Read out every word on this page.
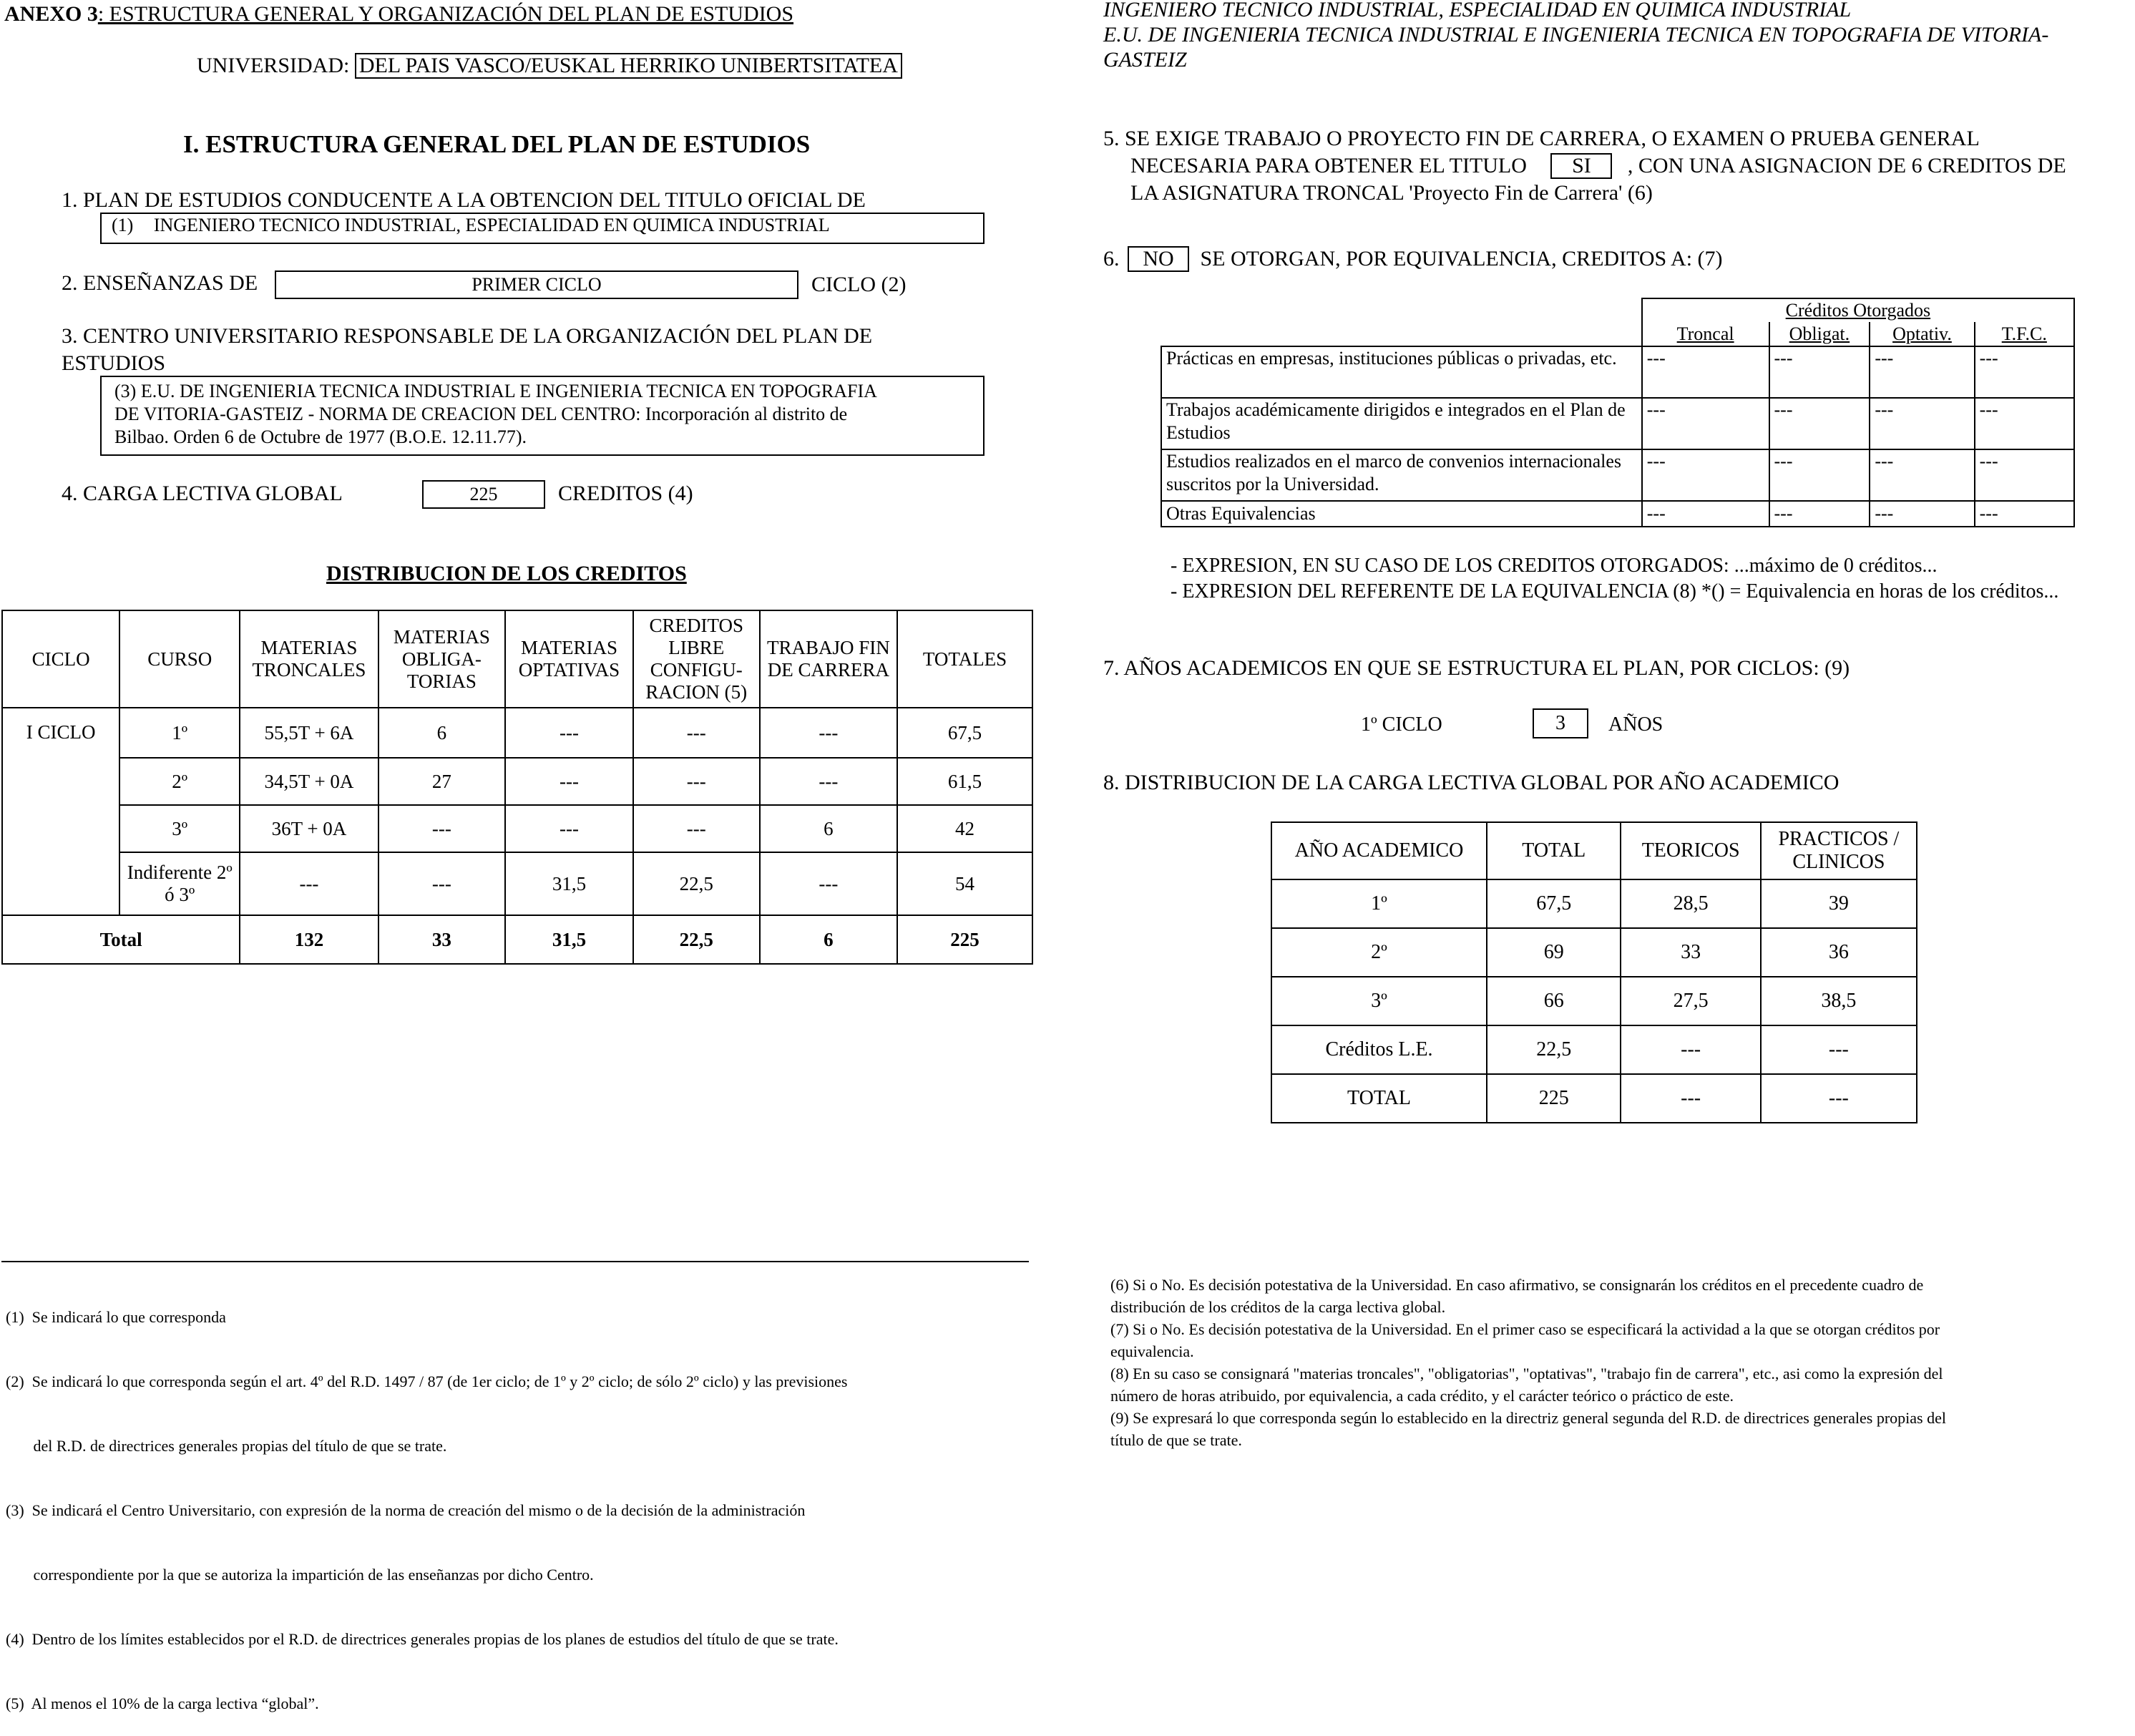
ANEXO 3: ESTRUCTURA GENERAL Y ORGANIZACIÓN DEL PLAN DE ESTUDIOS
UNIVERSIDAD: DEL PAIS VASCO/EUSKAL HERRIKO UNIBERTSITATEA
I. ESTRUCTURA GENERAL DEL PLAN DE ESTUDIOS
1. PLAN DE ESTUDIOS CONDUCENTE A LA OBTENCION DEL TITULO OFICIAL DE
(1) INGENIERO TECNICO INDUSTRIAL, ESPECIALIDAD EN QUIMICA INDUSTRIAL
2. ENSEÑANZAS DE	PRIMER CICLO	CICLO (2)
3. CENTRO UNIVERSITARIO RESPONSABLE DE LA ORGANIZACIÓN DEL PLAN DE
ESTUDIOS
(3) E.U. DE INGENIERIA TECNICA INDUSTRIAL E INGENIERIA TECNICA EN TOPOGRAFIA
DE VITORIA-GASTEIZ - NORMA DE CREACION DEL CENTRO: Incorporación al distrito de
Bilbao. Orden 6 de Octubre de 1977 (B.O.E. 12.11.77).
4. CARGA LECTIVA GLOBAL	225	CREDITOS (4)
DISTRIBUCION DE LOS CREDITOS
CICLO	CURSO	MATERIAS TRONCALES	MATERIAS OBLIGA- TORIAS	MATERIAS OPTATIVAS	CREDITOS LIBRE CONFIGU- RACION (5)	TRABAJO FIN DE CARRERA	TOTALES
I CICLO	1º	55,5T + 6A	6	---	---	---	67,5
	2º	34,5T + 0A	27	---	---	---	61,5
	3º	36T + 0A	---	---	---	6	42
	Indiferente 2º ó 3º	---	---	31,5	22,5	---	54
Total		132	33	31,5	22,5	6	225

(1)  Se indicará lo que corresponda

(2)  Se indicará lo que corresponda según el art. 4º del R.D. 1497 / 87 (de 1er ciclo; de 1º y 2º ciclo; de sólo 2º ciclo) y las previsiones

del R.D. de directrices generales propias del título de que se trate.

(3)  Se indicará el Centro Universitario, con expresión de la norma de creación del mismo o de la decisión de la administración

correspondiente por la que se autoriza la impartición de las enseñanzas por dicho Centro.

(4)  Dentro de los límites establecidos por el R.D. de directrices generales propias de los planes de estudios del título de que se trate.

(5)  Al menos el 10% de la carga lectiva “global”.

INGENIERO TECNICO INDUSTRIAL, ESPECIALIDAD EN QUIMICA INDUSTRIAL
E.U. DE INGENIERIA TECNICA INDUSTRIAL E INGENIERIA TECNICA EN TOPOGRAFIA DE VITORIA-
GASTEIZ
5. SE EXIGE TRABAJO O PROYECTO FIN DE CARRERA, O EXAMEN O PRUEBA GENERAL
NECESARIA PARA OBTENER EL TITULO SI , CON UNA ASIGNACION DE 6 CREDITOS DE
LA ASIGNATURA TRONCAL 'Proyecto Fin de Carrera' (6)
6. NO SE OTORGAN, POR EQUIVALENCIA, CREDITOS A: (7)
	Créditos Otorgados			
	Troncal	Obligat.	Optativ.	T.F.C.
Prácticas en empresas, instituciones públicas o privadas, etc.	---	---	---	---
Trabajos académicamente dirigidos e integrados en el Plan de Estudios	---	---	---	---
Estudios realizados en el marco de convenios internacionales suscritos por la Universidad.	---	---	---	---
Otras Equivalencias	---	---	---	---
- EXPRESION, EN SU CASO DE LOS CREDITOS OTORGADOS: ...máximo de 0 créditos...
- EXPRESION DEL REFERENTE DE LA EQUIVALENCIA (8) *() = Equivalencia en horas de los créditos...
7. AÑOS ACADEMICOS EN QUE SE ESTRUCTURA EL PLAN, POR CICLOS: (9)
1º CICLO	3	AÑOS
8. DISTRIBUCION DE LA CARGA LECTIVA GLOBAL POR AÑO ACADEMICO
AÑO ACADEMICO	TOTAL	TEORICOS	PRACTICOS / CLINICOS
1º	67,5	28,5	39
2º	69	33	36
3º	66	27,5	38,5
Créditos L.E.	22,5	---	---
TOTAL	225	---	---
(6) Si o No. Es decisión potestativa de la Universidad. En caso afirmativo, se consignarán los créditos en el precedente cuadro de
distribución de los créditos de la carga lectiva global.
(7) Si o No. Es decisión potestativa de la Universidad. En el primer caso se especificará la actividad a la que se otorgan créditos por
equivalencia.
(8) En su caso se consignará "materias troncales", "obligatorias", "optativas", "trabajo fin de carrera", etc., asi como la expresión del
número de horas atribuido, por equivalencia, a cada crédito, y el carácter teórico o práctico de este.
(9) Se expresará lo que corresponda según lo establecido en la directriz general segunda del R.D. de directrices generales propias del
título de que se trate.
